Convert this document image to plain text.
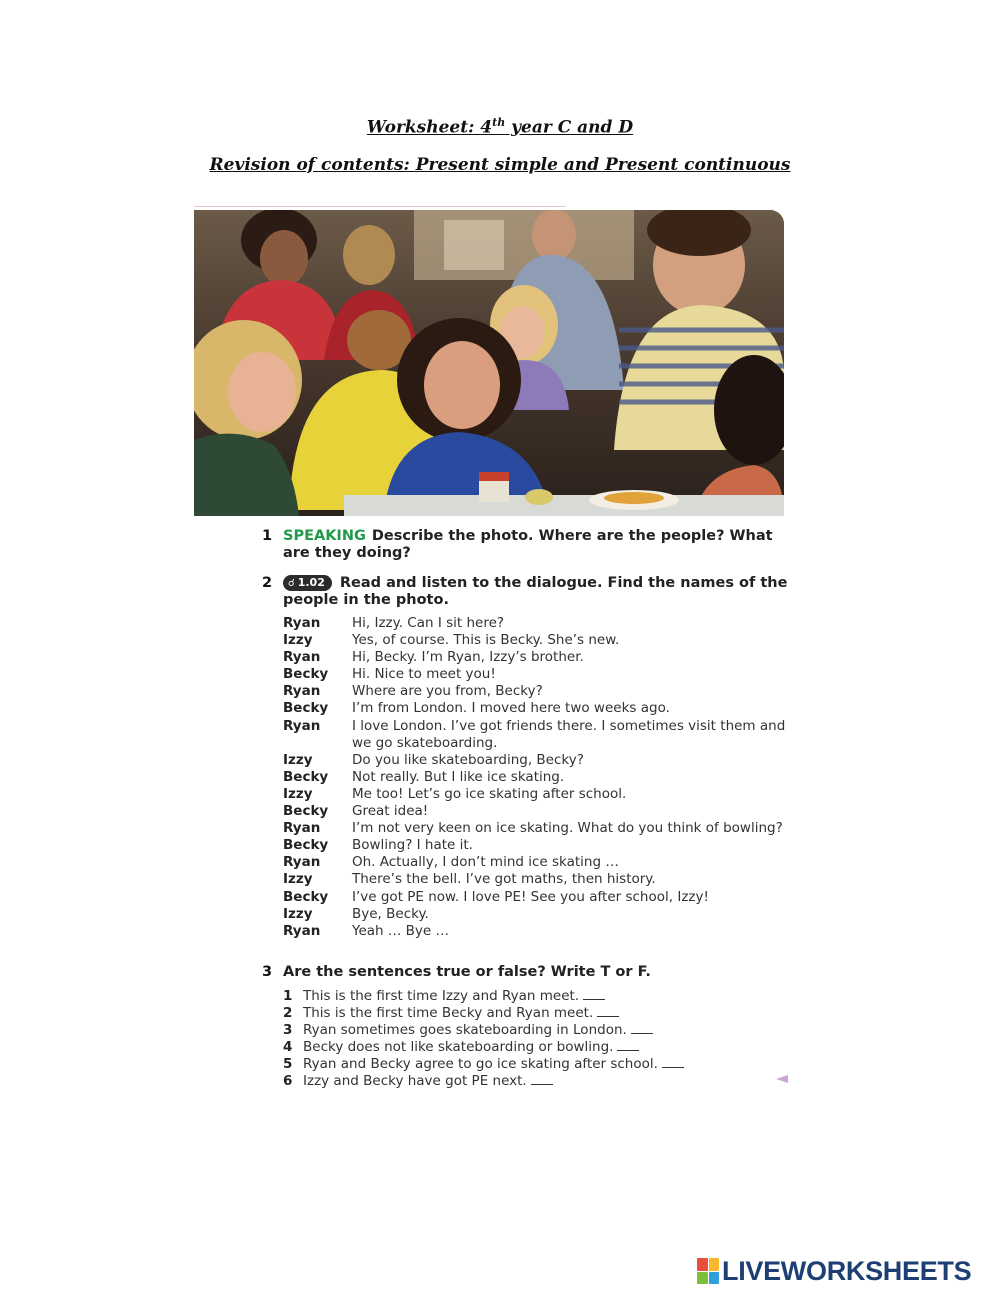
Worksheet: 4th year C and D
Revision of contents: Present simple and Present continuous
1 SPEAKING Describe the photo. Where are the people? What are they doing?
2	☌ 1.02 Read and listen to the dialogue. Find the names of the people in the photo.
Ryan	Hi, Izzy. Can I sit here?
Izzy	Yes, of course. This is Becky. She’s new.
Ryan	Hi, Becky. I’m Ryan, Izzy’s brother.
Becky	Hi. Nice to meet you!
Ryan	Where are you from, Becky?
Becky	I’m from London. I moved here two weeks ago.
Ryan	I love London. I’ve got friends there. I sometimes visit them and we go skateboarding.
Izzy	Do you like skateboarding, Becky?
Becky	Not really. But I like ice skating.
Izzy	Me too! Let’s go ice skating after school.
Becky	Great idea!
Ryan	I’m not very keen on ice skating. What do you think of bowling?
Becky	Bowling? I hate it.
Ryan	Oh. Actually, I don’t mind ice skating …
Izzy	There’s the bell. I’ve got maths, then history.
Becky	I’ve got PE now. I love PE! See you after school, Izzy!
Izzy	Bye, Becky.
Ryan	Yeah … Bye …
3 Are the sentences true or false? Write T or F.
1 This is the first time Izzy and Ryan meet.
2 This is the first time Becky and Ryan meet.
3 Ryan sometimes goes skateboarding in London.
4 Becky does not like skateboarding or bowling.
5 Ryan and Becky agree to go ice skating after school.
6 Izzy and Becky have got PE next.
LIVEWORKSHEETS
